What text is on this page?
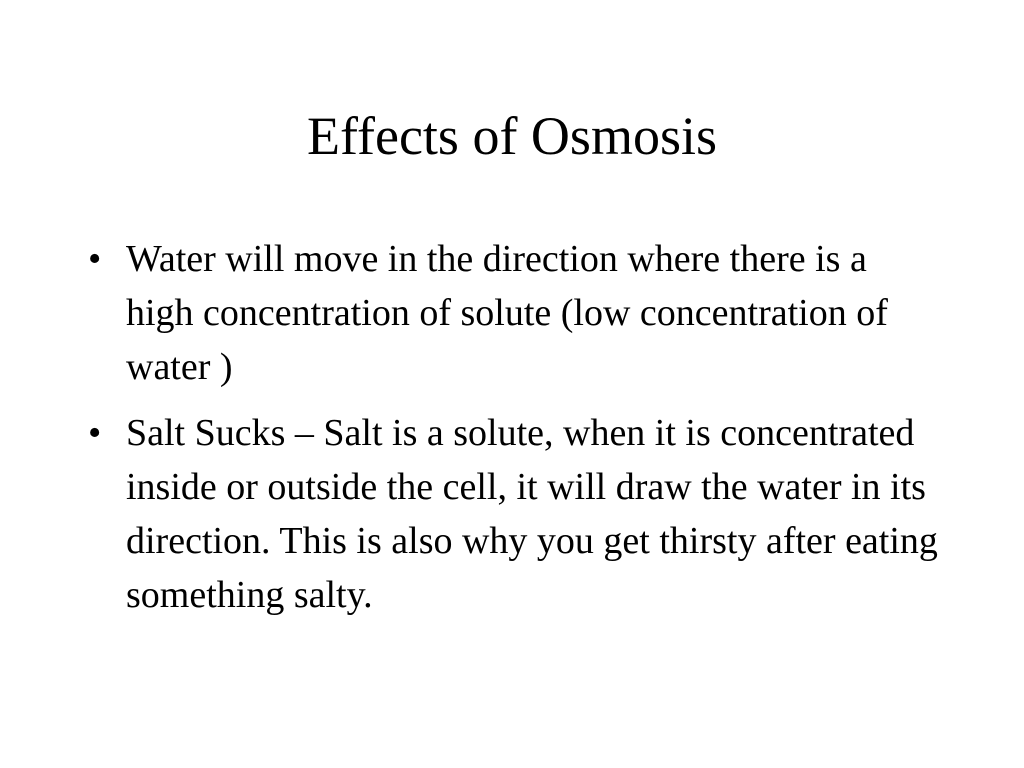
Effects of Osmosis
• Water will move in the direction where there is a high concentration of solute (low concentration of water )
• Salt Sucks – Salt is a solute, when it is concentrated inside or outside the cell, it will draw the water in its direction. This is also why you get thirsty after eating something salty.
